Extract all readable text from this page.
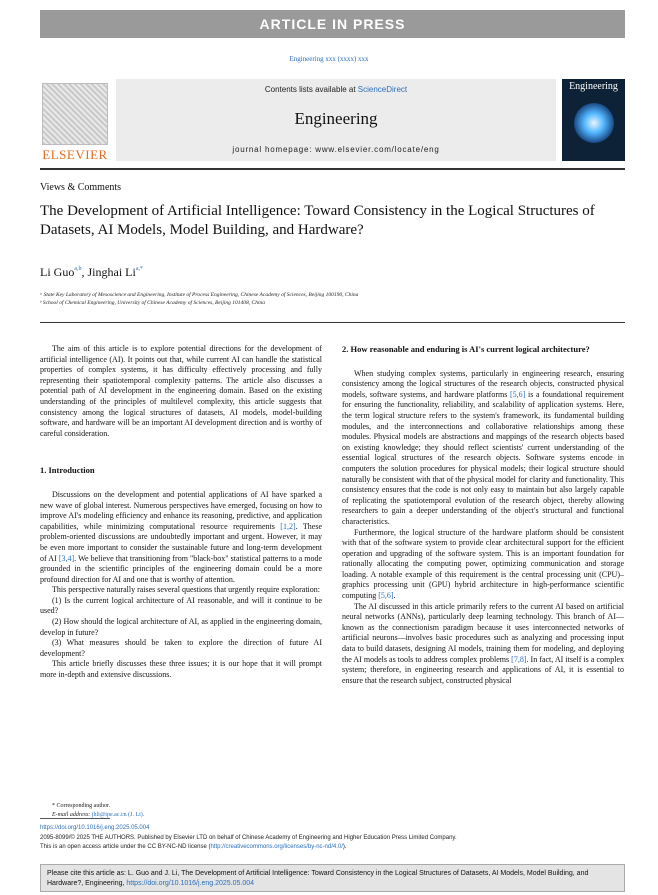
ARTICLE IN PRESS
Engineering xxx (xxxx) xxx
ELSEVIER
Contents lists available at ScienceDirect
Engineering
journal homepage: www.elsevier.com/locate/eng
Engineering
Views & Comments
The Development of Artificial Intelligence: Toward Consistency in the Logical Structures of Datasets, AI Models, Model Building, and Hardware?
Li Guo$^{a,b}$, Jinghai $Li^{a,*}$
ᵃ State Key Laboratory of Mesoscience and Engineering, Institute of Process Engineering, Chinese Academy of Sciences, Beijing 100190, China
ᵇ School of Chemical Engineering, University of Chinese Academy of Sciences, Beijing 101408, China

The aim of this article is to explore potential directions for the development of artificial intelligence (AI). It points out that, while current AI can handle the statistical properties of complex systems, it has difficulty effectively processing and fully representing their spatiotemporal complexity patterns. The article also discusses a potential path of AI development in the engineering domain. Based on the existing understanding of the principles of multilevel complexity, this article suggests that consistency among the logical structures of datasets, AI models, model-building software, and hardware will be an important AI development direction and is worthy of careful consideration.

1. Introduction

Discussions on the development and potential applications of AI have sparked a new wave of global interest. Numerous perspectives have emerged, focusing on how to improve AI's modeling efficiency and enhance its reasoning, predictive, and application capabilities, while minimizing computational resource requirements [1,2]. These problem-oriented discussions are undoubtedly important and urgent. However, it may be even more important to consider the sustainable future and long-term development of AI [3,4]. We believe that transitioning from "black-box" statistical patterns to a mode grounded in the scientific principles of the engineering domain could be a more profound direction for AI and one that is worthy of attention.

This perspective naturally raises several questions that urgently require exploration:

(1) Is the current logical architecture of AI reasonable, and will it continue to be used?

(2) How should the logical architecture of AI, as applied in the engineering domain, develop in future?

(3) What measures should be taken to explore the direction of future AI development?

This article briefly discusses these three issues; it is our hope that it will prompt more in-depth and extensive discussions.

2. How reasonable and enduring is AI's current logical architecture?

When studying complex systems, particularly in engineering research, ensuring consistency among the logical structures of the research objects, constructed physical models, software systems, and hardware platforms [5,6] is a foundational requirement for ensuring the functionality, reliability, and scalability of application systems. Here, the term logical structure refers to the system's framework, its fundamental building modules, and the interconnections and collaborative relationships among these modules. Physical models are abstractions and mappings of the research objects based on existing knowledge; they should reflect scientists' current understanding of the essential logical structures of the research objects. Software systems encode in computers the solution procedures for physical models; their logical structure should naturally be consistent with that of the physical model for clarity and functionality. This consistency ensures that the code is not only easy to maintain but also largely capable of replicating the spatiotemporal evolution of the research object, thereby allowing researchers to gain a deeper understanding of the object's structural and functional characteristics.

Furthermore, the logical structure of the hardware platform should be consistent with that of the software system to provide clear architectural support for the efficient operation and upgrading of the software system. This is an important foundation for rationally allocating the computing power, optimizing communication and storage loading. A notable example of this requirement is the central processing unit (CPU)–graphics processing unit (GPU) hybrid architecture in high-performance scientific computing [5,6].

The AI discussed in this article primarily refers to the current AI based on artificial neural networks (ANNs), particularly deep learning technology. This branch of AI—known as the connectionism paradigm because it uses interconnected networks of artificial neurons—involves basic procedures such as analyzing and processing input data to build datasets, designing AI models, training them for modeling, and deploying the AI models as tools to address complex problems [7,8]. In fact, AI itself is a complex system; therefore, in engineering research and applications of AI, it is essential to ensure that the research subject, constructed physical

* Corresponding author.
E-mail address: jhli@ipe.ac.cn (J. Li).
https://doi.org/10.1016/j.eng.2025.05.004
2095-8099/© 2025 THE AUTHORS. Published by Elsevier LTD on behalf of Chinese Academy of Engineering and Higher Education Press Limited Company.
This is an open access article under the CC BY-NC-ND license (http://creativecommons.org/licenses/by-nc-nd/4.0/).
Please cite this article as: L. Guo and J. Li, The Development of Artificial Intelligence: Toward Consistency in the Logical Structures of Datasets, AI Models, Model Building, and Hardware?, Engineering, https://doi.org/10.1016/j.eng.2025.05.004
